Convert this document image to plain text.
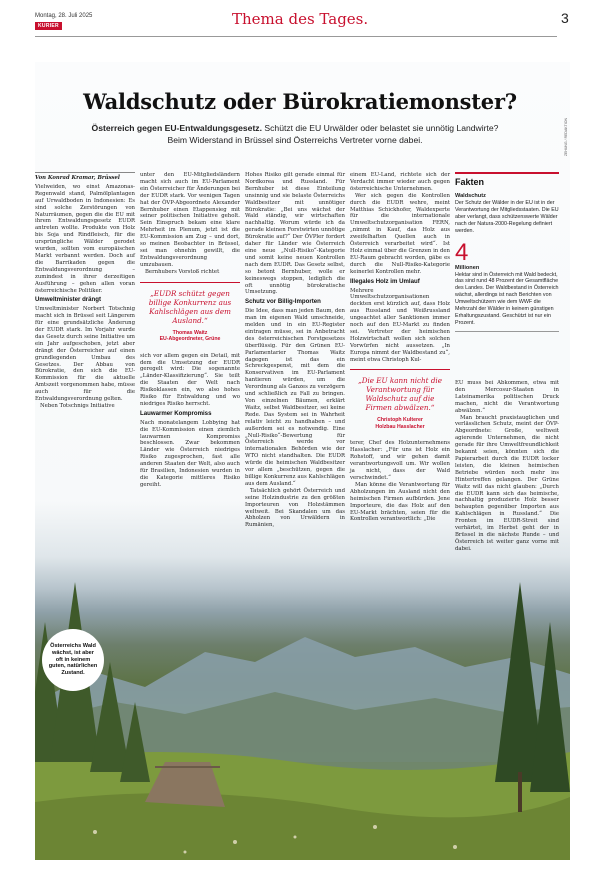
Montag, 28. Juli 2025
KURIER	Thema des Tages.	3
ZEHUNG / REDAKTION
Waldschutz oder Bürokratiemonster?
Österreich gegen EU-Entwaldungsgesetz. Schützt die EU Urwälder oder belastet sie unnötig Landwirte? Beim Widerstand in Brüssel sind Österreichs Vertreter vorne dabei.
Von Konrad Kramar, Brüssel

Vielweiden, wo einst Amazonas-Regenwald stand, Palmölplantagen auf Urwaldboden in Indonesien: Es sind solche Zerstörungen von Naturräumen, gegen die die EU mit ihrem Entwaldungsgesetz EUDR antreten wollte. Produkte von Holz bis Soja und Rindfleisch, für die ursprüngliche Wälder gerodet wurden, sollten vom europäischen Markt verbannt werden. Doch auf die Barrikaden gegen die Entwaldungsverordnung – zumindest in ihrer derzeitigen Ausführung – gehen allen voran österreichische Politiker.

Umweltminister drängt

Umweltminister Norbert Totschnig macht sich in Brüssel seit Längerem für eine grundsätzliche Änderung der EUDR stark. Im Vorjahr wurde das Gesetz durch seine Initiative um ein Jahr aufgeschoben, jetzt aber drängt der Österreicher auf einen grundlegenden Umbau des Gesetzes. Der Abbau von Bürokratie, den sich die EU-Kommission für die aktuelle Amtszeit vorgenommen habe, müsse auch für die Entwaldungsverordnung gelten.

Neben Totschnigs Initiative

unter den EU-Mitgliedsländern macht sich auch im EU-Parlament ein Österreicher für Änderungen bei der EUDR stark. Vor wenigen Tagen hat der ÖVP-Abgeordnete Alexander Bernhuber einen Etappensieg mit seiner politischen Initiative geholt. Sein Einspruch bekam eine klare Mehrheit im Plenum, jetzt ist die EU-Kommission am Zug – und dort, so meinen Beobachter in Brüssel, sei man ohnehin gewillt, die Entwaldungsverordnung umzubauen.

Bernhubers Vorstoß richtet

„EUDR schützt gegen billige Konkurrenz aus Kahlschlägen aus dem Ausland.“
Thomas Waitz
EU-Abgeordneter, Grüne

sich vor allem gegen ein Detail, mit dem die Umsetzung der EUDR geregelt wird: Die sogenannte „Länder-Klassifizierung“. Sie teilt die Staaten der Welt nach Risikoklassen ein, wo also hohes Risiko für Entwaldung und wo niedriges Risiko herrscht.

Lauwarmer Kompromiss

Nach monatelangem Lobbying hat die EU-Kommission einen ziemlich lauwarmen Kompromiss beschlossen. Zwar bekommen Länder wie Österreich niedriges Risiko zugesprochen, fast alle anderen Staaten der Welt, also auch für Brasilien, Indonesien wurden in die Kategorie mittleres Risiko gereiht.

Hohes Risiko gilt gerade einmal für Nordkorea und Russland. Für Bernhuber ist diese Einteilung unsinnig und sie belaste Österreichs Waldbesitzer mit unnötiger Bürokratie: „Bei uns wächst der Wald ständig, wir wirtschaften nachhaltig. Worum würde ich da gerade kleinen Forstwirten unnötige Bürokratie auf?“ Der ÖVPler fordert daher für Länder wie Österreich eine neue „Null-Risiko“-Kategorie und somit keine neuen Kontrollen nach dem EUDR. Das Gesetz selbst, so betont Bernhuber, wolle er keineswegs stoppen, lediglich die oft unnötig bürokratische Umsetzung.

Schutz vor Billig-Importen

Die Idee, dass man jeden Baum, den man im eigenen Wald umschneide, melden und in ein EU-Register eintragen müsse, sei in Anbetracht des österreichischen Forstgesetzes überflüssig. Für den Grünen EU-Parlamentarier Thomas Waitz dagegen ist das ein Schreckgespenst, mit dem die Konservativen im EU-Parlament hantieren würden, um die Verordnung als Ganzes zu verzögern und schließlich zu Fall zu bringen. Von einzelnen Bäumen, erklärt Waitz, selbst Waldbesitzer, sei keine Rede. Das System sei in Wahrheit relativ leicht zu handhaben – und außerdem sei es notwendig. Eine „Null-Risiko“-Bewertung für Österreich werde vor internationalen Behörden wie der WTO nicht standhalten. Die EUDR würde die heimischen Waldbesitzer vor allem „beschützen, gegen die billige Konkurrenz aus Kahlschlägen aus dem Ausland.“

Tatsächlich gehört Österreich und seine Holzindustrie zu den größten Importeuren von Holzstämmen weltweit. Bei Skandalen um das Abholzen von Urwäldern in Rumänien,

einem EU-Land, richtete sich der Verdacht immer wieder auch gegen österreichische Unternehmen.

Wer sich gegen die Kontrollen durch die EUDR wehre, meint Matthias Schickhofer, Waldexperte für die internationale Umweltschutzorganisation FERN, „nimmt in Kauf, das Holz aus zweifelhaften Quellen auch in Österreich verarbeitet wird“. Ist Holz einmal über die Grenzen in den EU-Raum gebracht worden, gäbe es durch die Null-Risiko-Kategorie keinerlei Kontrollen mehr.

Illegales Holz im Umlauf

Mehrere Umweltschutzorganisationen deckten erst kürzlich auf, dass Holz aus Russland und Weißrussland ungeachtet aller Sanktionen immer noch auf den EU-Markt zu finden sei. Vertreter der heimischen Holzwirtschaft wollen sich solchen Vorwürfen nicht aussetzen. „In Europa nimmt der Waldbestand zu“, meint etwa Christoph Kul-

„Die EU kann nicht die Verantwortung für Waldschutz auf die Firmen abwälzen.“
Christoph Kulterer
Holzbau Hasslacher

terer, Chef des Holzunternehmens Hasslacher: „Für uns ist Holz ein Rohstoff, und wir gehen damit verantwortungsvoll um. Wir wollen ja nicht, dass der Wald verschwindet.“

Man könne die Verantwortung für Abholzungen im Ausland nicht den heimischen Firmen aufbürden. Jene Importeure, die das Holz auf den EU-Markt brächten, seien für die Kontrollen verantwortlich: „Die

Fakten
Waldschutz
Der Schutz der Wälder in der EU ist in der Verantwortung der Mitgliedsstaaten. Die EU aber verlangt, dass schützenswerte Wälder nach der Natura-2000-Regelung definiert werden.
4
Millionen
Hektar sind in Österreich mit Wald bedeckt, das sind rund 48 Prozent der Gesamtfläche des Landes. Der Waldbestand in Österreich wächst, allerdings ist nach Berichten von Umweltschützern wie dem WWF die Mehrzahl der Wälder in keinem günstigen Erhaltungszustand. Geschützt ist nur ein Prozent.

EU muss bei Abkommen, etwa mit den Mercosur-Staaten in Lateinamerika politischen Druck machen, nicht die Verantwortung abwälzen.“

Man braucht praxistauglichen und verlässlichen Schutz, meint der ÖVP-Abgeordnete: Große, weltweit agierende Unternehmen, die nicht gerade für ihre Umweltfreundlichkeit bekannt seien, könnten sich die Papierarbeit durch die EUDR locker leisten, die kleinen heimischen Betriebe würden noch mehr ins Hintertreffen gelangen. Der Grüne Waitz will das nicht glauben: „Durch die EUDR kann sich das heimische, nachhaltig produzierte Holz besser behaupten gegenüber Importen aus Kahlschlägen in Russland.“ Die Fronten im EUDR-Streit sind verhärtet, im Herbst geht der in Brüssel in die nächste Runde – und Österreich ist weiter ganz vorne mit dabei.

Österreichs Wald wächst, ist aber oft in keinem guten, natürlichen Zustand.
